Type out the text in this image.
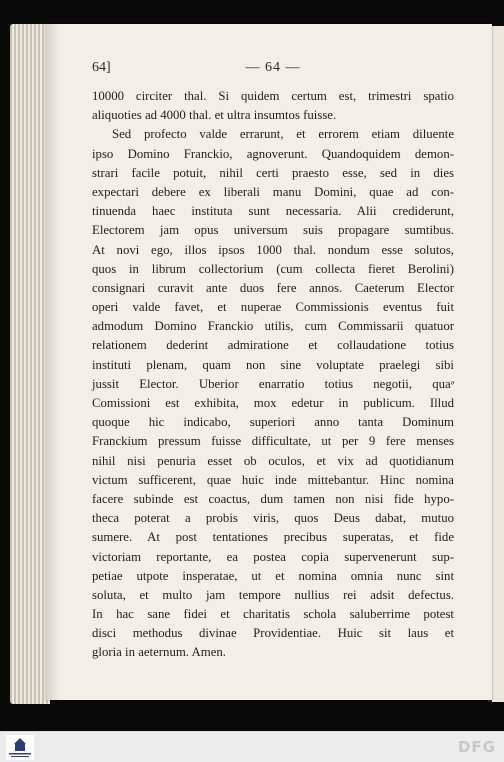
64]	— 64 —
10000 circiter thal. Si quidem certum est, trimestri spatio
aliquoties ad 4000 thal. et ultra insumtos fuisse.
Sed profecto valde errarunt, et errorem etiam diluente
ipso Domino Franckio, agnoverunt. Quandoquidem demon-
strari facile potuit, nihil certi praesto esse, sed in dies
expectari debere ex liberali manu Domini, quae ad con-
tinuenda haec instituta sunt necessaria. Alii crediderunt,
Electorem jam opus universum suis propagare sumtibus.
At novi ego, illos ipsos 1000 thal. nondum esse solutos,
quos in librum collectorium (cum collecta fieret Berolini)
consignari curavit ante duos fere annos. Caeterum Elector
operi valde favet, et nuperae Commissionis eventus fuit
admodum Domino Franckio utilis, cum Commissarii quatuor
relationem dederint admiratione et collaudatione totius
instituti plenam, quam non sine voluptate praelegi sibi
jussit Elector. Uberior enarratio totius negotii, quaᵊ
Comissioni est exhibita, mox edetur in publicum. Illud
quoque hic indicabo, superiori anno tanta Dominum
Franckium pressum fuisse difficultate, ut per 9 fere menses
nihil nisi penuria esset ob oculos, et vix ad quotidianum
victum sufficerent, quae huic inde mittebantur. Hinc nomina
facere subinde est coactus, dum tamen non nisi fide hypo-
theca poterat a probis viris, quos Deus dabat, mutuo
sumere. At post tentationes precibus superatas, et fide
victoriam reportante, ea postea copia supervenerunt sup-
petiae utpote insperatae, ut et nomina omnia nunc sint
soluta, et multo jam tempore nullius rei adsit defectus.
In hac sane fidei et charitatis schola saluberrime potest
disci methodus divinae Providentiae. Huic sit laus et
gloria in aeternum. Amen.
DFG
